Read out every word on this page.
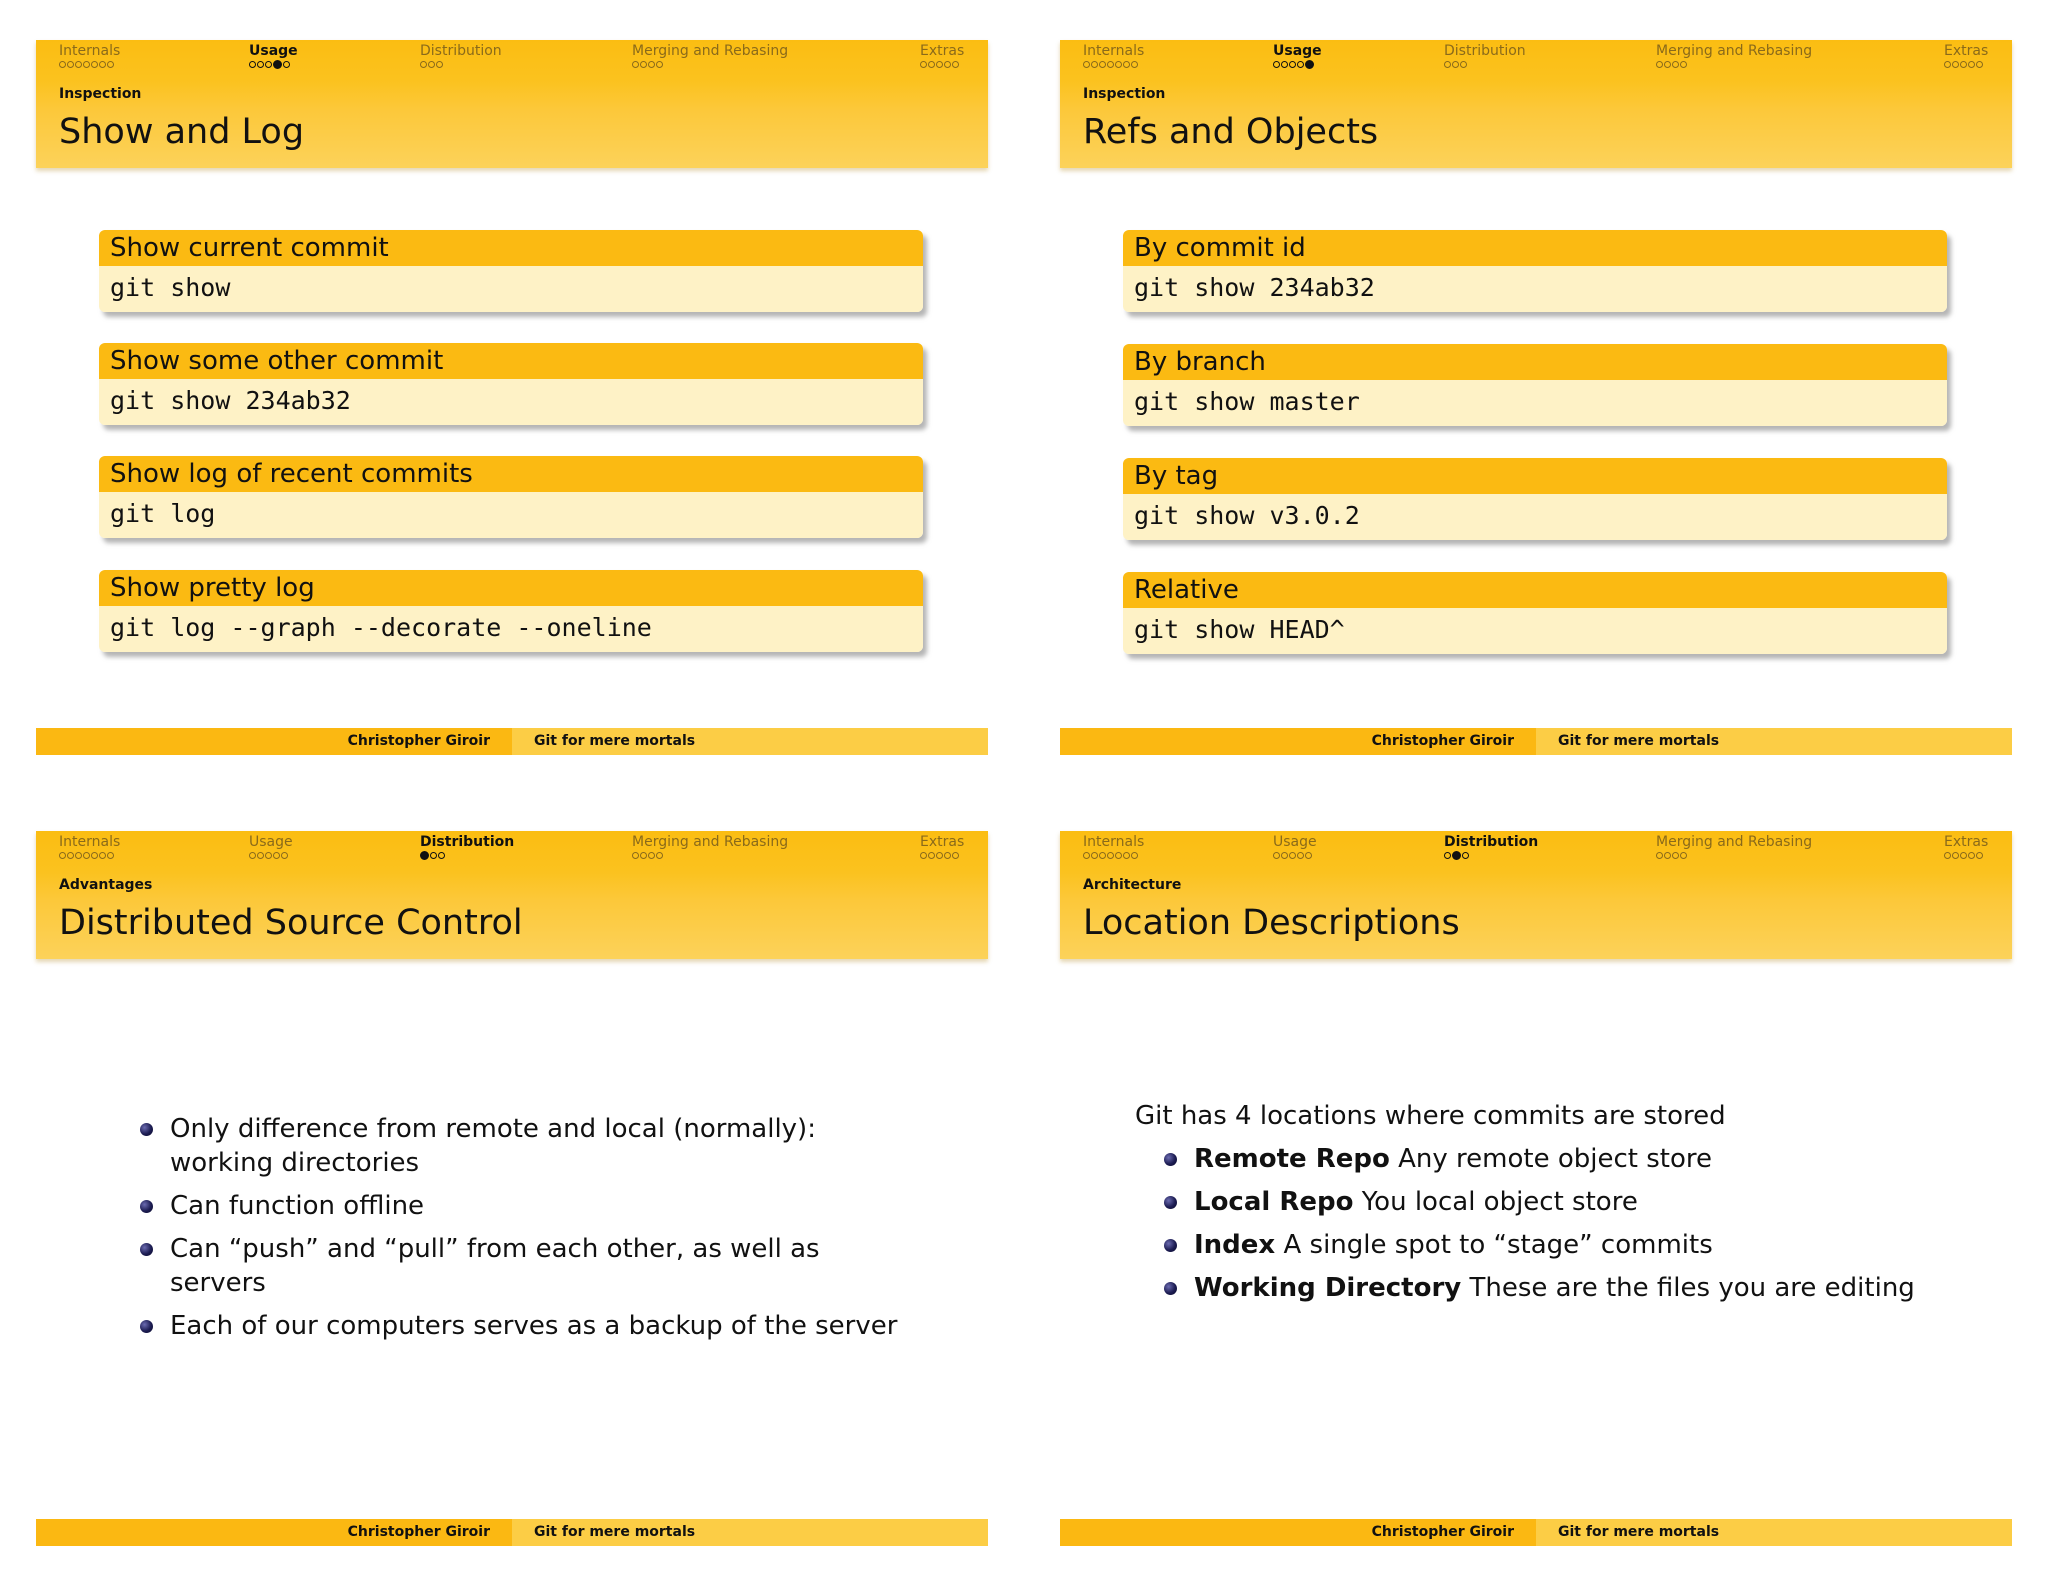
Internals	Usage	Distribution	Merging and Rebasing	Extras
Inspection
Show and Log
Show current commit
git show
Show some other commit
git show 234ab32
Show log of recent commits
git log
Show pretty log
git log --graph --decorate --oneline
Christopher Giroir	Git for mere mortals
Internals	Usage	Distribution	Merging and Rebasing	Extras
Inspection
Refs and Objects
By commit id
git show 234ab32
By branch
git show master
By tag
git show v3.0.2
Relative
git show HEAD^
Christopher Giroir	Git for mere mortals
Internals	Usage	Distribution	Merging and Rebasing	Extras
Advantages
Distributed Source Control
Only difference from remote and local (normally): working directories
Can function offline
Can “push” and “pull” from each other, as well as servers
Each of our computers serves as a backup of the server
Christopher Giroir	Git for mere mortals
Internals	Usage	Distribution	Merging and Rebasing	Extras
Architecture
Location Descriptions
Git has 4 locations where commits are stored
Remote Repo Any remote object store
Local Repo You local object store
Index A single spot to “stage” commits
Working Directory These are the files you are editing
Christopher Giroir	Git for mere mortals
